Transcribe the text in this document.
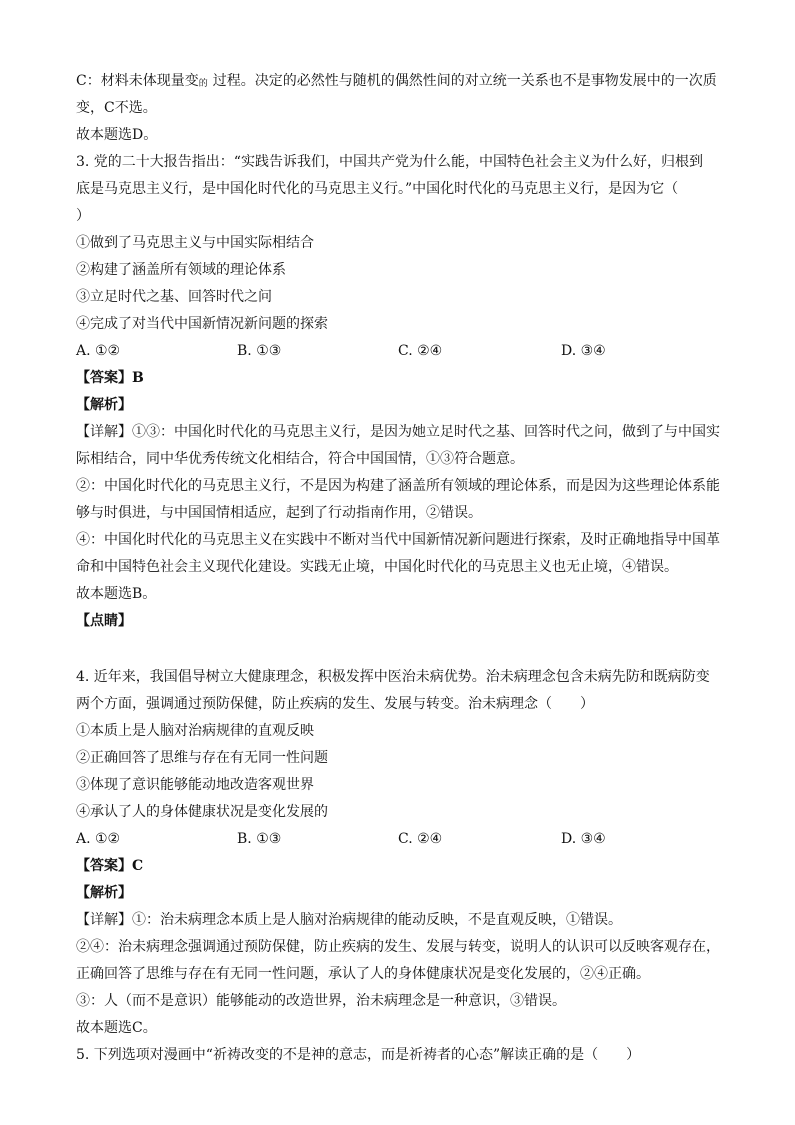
C：材料未体现量变 的 过程。决定的必然性与随机的偶然性间的对立统一关系也不是事物发展中的一次质
变，C不选。
故本题选D。
3. 党的二十大报告指出：“实践告诉我们，中国共产党为什么能，中国特色社会主义为什么好，归根到
底是马克思主义行，是中国化时代化的马克思主义行。”中国化时代化的马克思主义行，是因为它（
）
①做到了马克思主义与中国实际相结合
②构建了涵盖所有领域的理论体系
③立足时代之基、回答时代之问
④完成了对当代中国新情况新问题的探索
A. ①②	B. ①③	C. ②④	D. ③④
【答案】B
【解析】
【详解】①③：中国化时代化的马克思主义行，是因为她立足时代之基、回答时代之问，做到了与中国实
际相结合，同中华优秀传统文化相结合，符合中国国情，①③符合题意。
②：中国化时代化的马克思主义行，不是因为构建了涵盖所有领域的理论体系，而是因为这些理论体系能
够与时俱进，与中国国情相适应，起到了行动指南作用，②错误。
④：中国化时代化的马克思主义在实践中不断对当代中国新情况新问题进行探索，及时正确地指导中国革
命和中国特色社会主义现代化建设。实践无止境，中国化时代化的马克思主义也无止境，④错误。
故本题选B。
【点睛】
4. 近年来，我国倡导树立大健康理念，积极发挥中医治未病优势。治未病理念包含未病先防和既病防变
两个方面，强调通过预防保健，防止疾病的发生、发展与转变。治未病理念（　　）
①本质上是人脑对治病规律的直观反映
②正确回答了思维与存在有无同一性问题
③体现了意识能够能动地改造客观世界
④承认了人的身体健康状况是变化发展的
A. ①②	B. ①③	C. ②④	D. ③④
【答案】C
【解析】
【详解】①：治未病理念本质上是人脑对治病规律的能动反映，不是直观反映，①错误。
②④：治未病理念强调通过预防保健，防止疾病的发生、发展与转变，说明人的认识可以反映客观存在，
正确回答了思维与存在有无同一性问题，承认了人的身体健康状况是变化发展的，②④正确。
③：人（而不是意识）能够能动的改造世界，治未病理念是一种意识，③错误。
故本题选C。
5. 下列选项对漫画中“祈祷改变的不是神的意志，而是祈祷者的心态”解读正确的是（　　）
